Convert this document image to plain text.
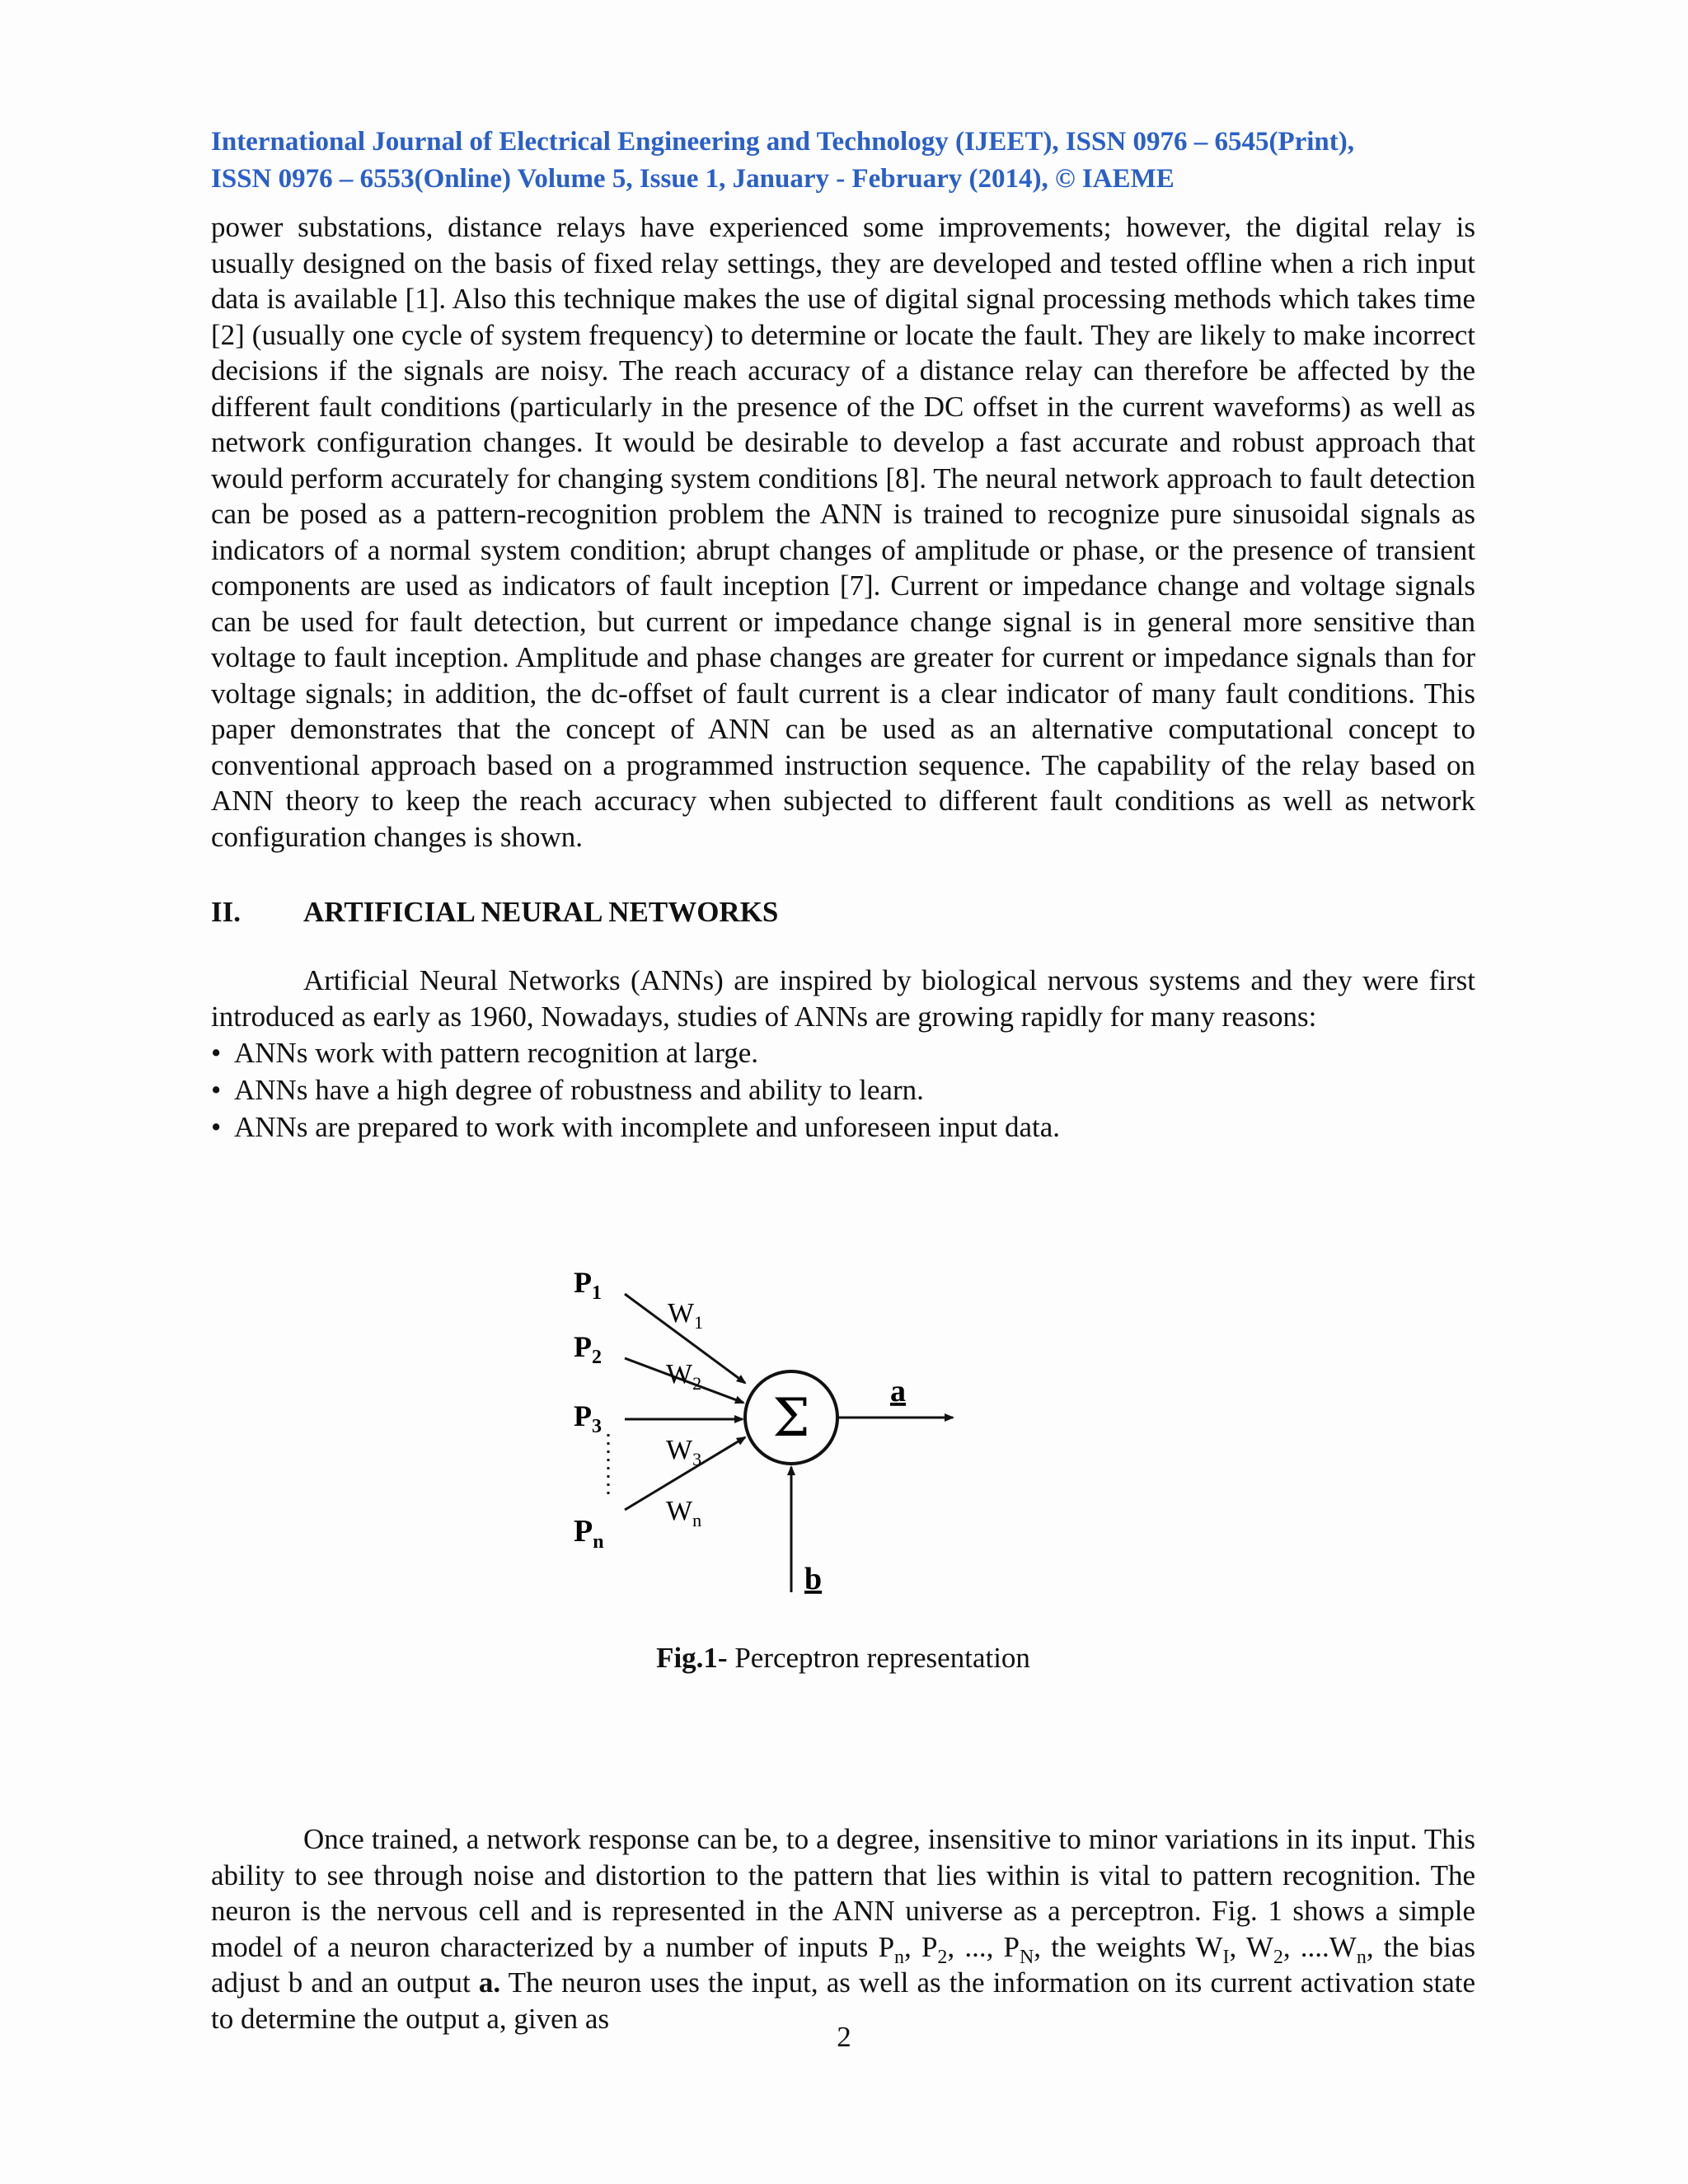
International Journal of Electrical Engineering and Technology (IJEET), ISSN 0976 – 6545(Print),
ISSN 0976 – 6553(Online) Volume 5, Issue 1, January - February (2014), © IAEME

power substations, distance relays have experienced some improvements; however, the digital relay is usually designed on the basis of fixed relay settings, they are developed and tested offline when a rich input data is available [1]. Also this technique makes the use of digital signal processing methods which takes time [2] (usually one cycle of system frequency) to determine or locate the fault. They are likely to make incorrect decisions if the signals are noisy. The reach accuracy of a distance relay can therefore be affected by the different fault conditions (particularly in the presence of the DC offset in the current waveforms) as well as network configuration changes. It would be desirable to develop a fast accurate and robust approach that would perform accurately for changing system conditions [8]. The neural network approach to fault detection can be posed as a pattern-recognition problem the ANN is trained to recognize pure sinusoidal signals as indicators of a normal system condition; abrupt changes of amplitude or phase, or the presence of transient components are used as indicators of fault inception [7]. Current or impedance change and voltage signals can be used for fault detection, but current or impedance change signal is in general more sensitive than voltage to fault inception. Amplitude and phase changes are greater for current or impedance signals than for voltage signals; in addition, the dc-offset of fault current is a clear indicator of many fault conditions. This paper demonstrates that the concept of ANN can be used as an alternative computational concept to conventional approach based on a programmed instruction sequence. The capability of the relay based on ANN theory to keep the reach accuracy when subjected to different fault conditions as well as network configuration changes is shown.

II.	ARTIFICIAL NEURAL NETWORKS

Artificial Neural Networks (ANNs) are inspired by biological nervous systems and they were first introduced as early as 1960, Nowadays, studies of ANNs are growing rapidly for many reasons:

• ANNs work with pattern recognition at large.

• ANNs have a high degree of robustness and ability to learn.

• ANNs are prepared to work with incomplete and unforeseen input data.

Σ	a
b
$P_1$
$P_2$
$P_3$
$P_n$
$W_1$
$W_2$
$W_3$
$W_n$
Fig.1- Perceptron representation

Once trained, a network response can be, to a degree, insensitive to minor variations in its input. This ability to see through noise and distortion to the pattern that lies within is vital to pattern recognition. The neuron is the nervous cell and is represented in the ANN universe as a perceptron. Fig. 1 shows a simple model of a neuron characterized by a number of inputs $P_n$, $P_2$, ..., $P_N$, the weights $W_I$, $W_2$, $....W_n$, the bias adjust b and an output a. The neuron uses the input, as well as the information on its current activation state to determine the output a, given as

2
